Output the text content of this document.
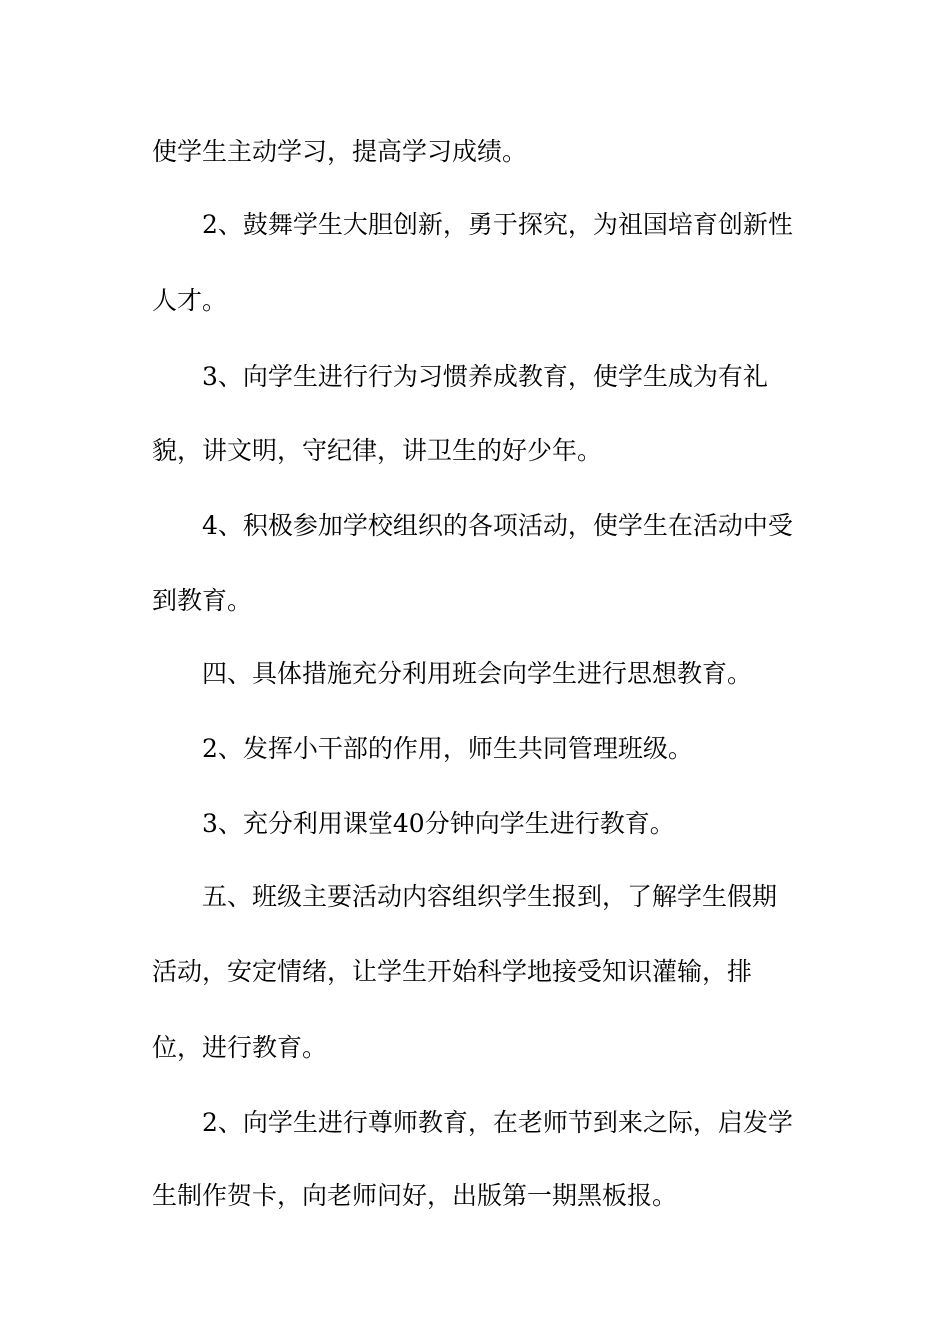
使学生主动学习，提高学习成绩。
2、鼓舞学生大胆创新，勇于探究，为祖国培育创新性
人才。
3、向学生进行行为习惯养成教育，使学生成为有礼
貌，讲文明，守纪律，讲卫生的好少年。
4、积极参加学校组织的各项活动，使学生在活动中受
到教育。
四、具体措施充分利用班会向学生进行思想教育。
2、发挥小干部的作用，师生共同管理班级。
3、充分利用课堂40分钟向学生进行教育。
五、班级主要活动内容组织学生报到，了解学生假期
活动，安定情绪，让学生开始科学地接受知识灌输，排
位，进行教育。
2、向学生进行尊师教育，在老师节到来之际，启发学
生制作贺卡，向老师问好，出版第一期黑板报。
